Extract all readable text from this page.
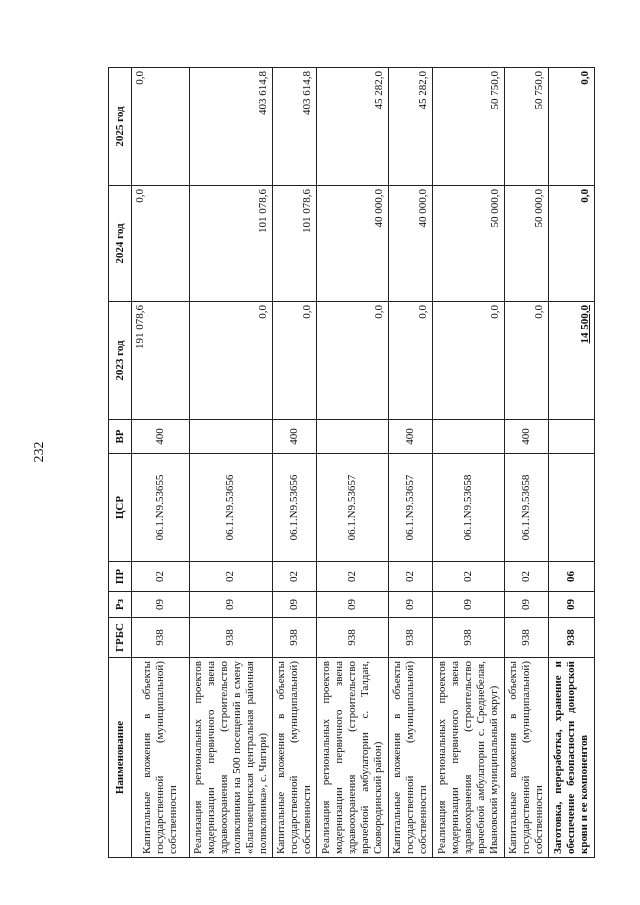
232
Наименование	ГРБС	Рз	ПР	ЦСР	ВР	2023 год	2024 год	2025 год
Капитальные вложения в объекты государственной (муниципальной) собственности	938	09	02	06.1.N9.53655	400	191 078,6	0,0	0,0
Реализация региональных проектов модернизации первичного звена здравоохранения (строительство поликлиники на 500 посещений в смену «Благовещенская центральная районная поликлиника», с. Чигири)	938	09	02	06.1.N9.53656		0,0	101 078,6	403 614,8
Капитальные вложения в объекты государственной (муниципальной) собственности	938	09	02	06.1.N9.53656	400	0,0	101 078,6	403 614,8
Реализация региональных проектов модернизации первичного звена здравоохранения (строительство врачебной амбулатории с. Талдан, Сковородинский район)	938	09	02	06.1.N9.53657		0,0	40 000,0	45 282,0
Капитальные вложения в объекты государственной (муниципальной) собственности	938	09	02	06.1.N9.53657	400	0,0	40 000,0	45 282,0
Реализация региональных проектов модернизации первичного звена здравоохранения (строительство врачебной амбулатории с. Среднебелая, Ивановский муниципальный округ)	938	09	02	06.1.N9.53658		0,0	50 000,0	50 750,0
Капитальные вложения в объекты государственной (муниципальной) собственности	938	09	02	06.1.N9.53658	400	0,0	50 000,0	50 750,0
Заготовка, переработка, хранение и обеспечение безопасности донорской крови и ее компонентов	938	09	06			14 500,0	0,0	0,0
